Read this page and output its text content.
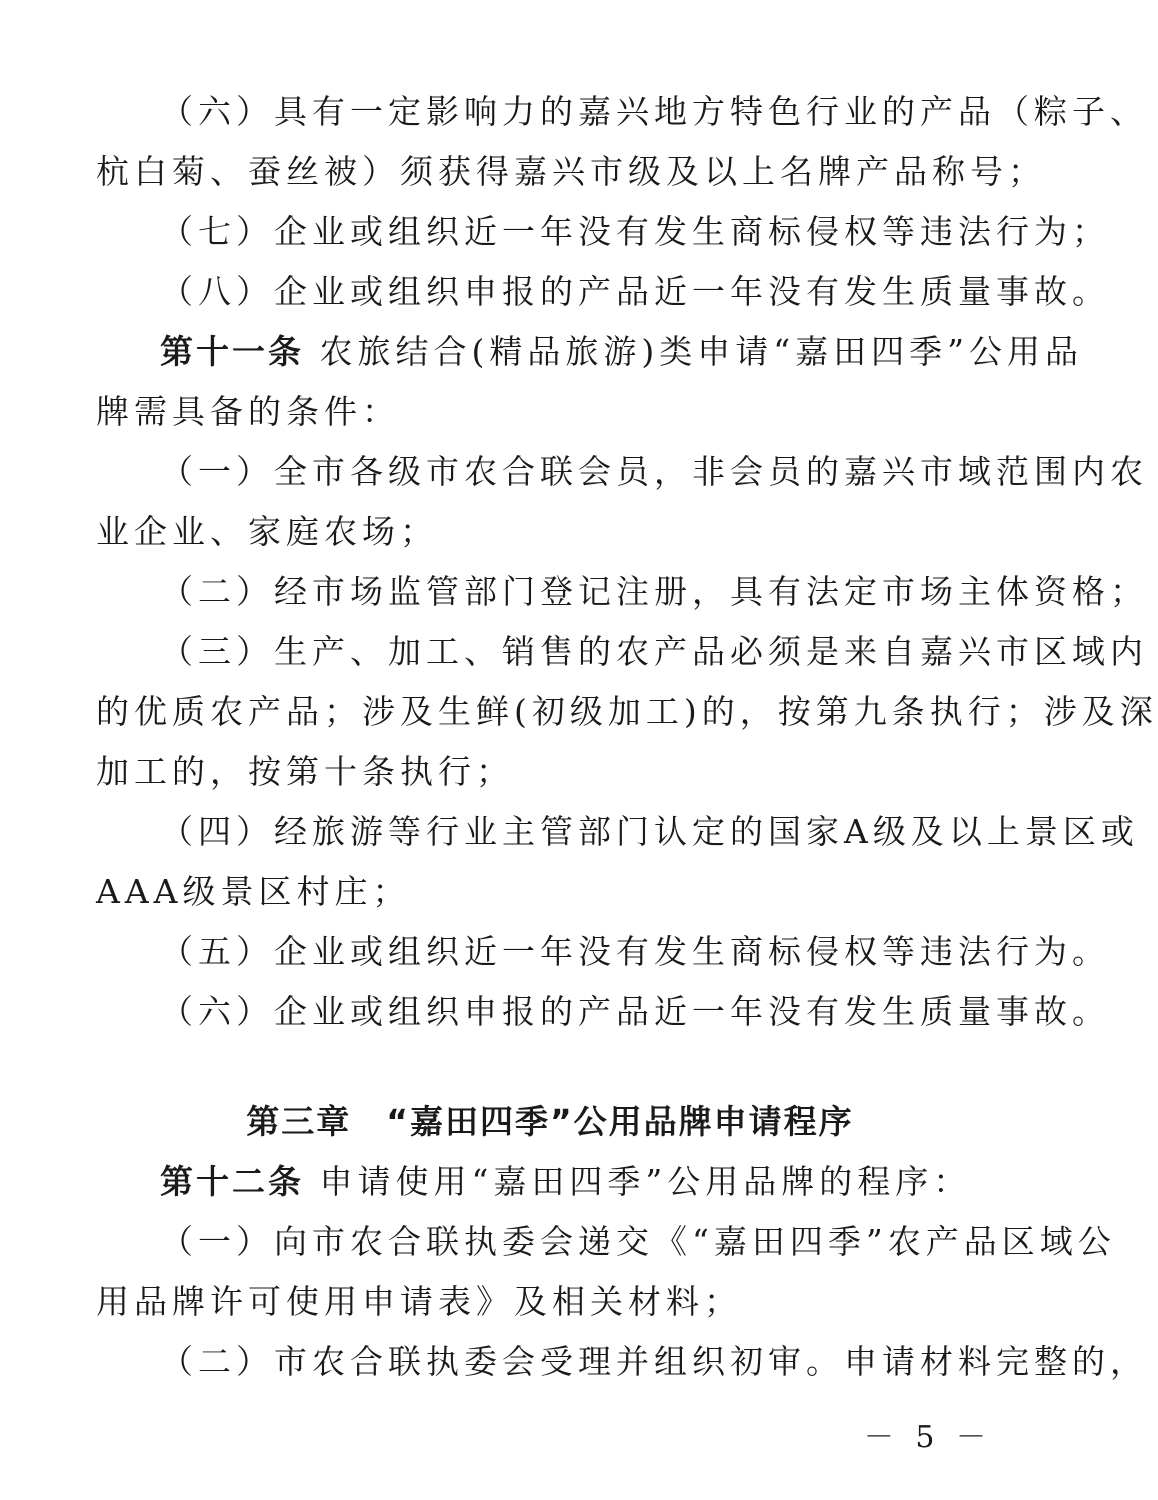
（六）具有一定影响力的嘉兴地方特色行业的产品（粽子、
杭白菊、蚕丝被）须获得嘉兴市级及以上名牌产品称号；
（七）企业或组织近一年没有发生商标侵权等违法行为；
（八）企业或组织申报的产品近一年没有发生质量事故。
第十一条 农旅结合(精品旅游)类申请“嘉田四季”公用品
牌需具备的条件：
（一）全市各级市农合联会员，非会员的嘉兴市域范围内农
业企业、家庭农场；
（二）经市场监管部门登记注册，具有法定市场主体资格；
（三）生产、加工、销售的农产品必须是来自嘉兴市区域内
的优质农产品；涉及生鲜(初级加工)的，按第九条执行；涉及深
加工的，按第十条执行；
（四）经旅游等行业主管部门认定的国家A级及以上景区或
AAA级景区村庄；
（五）企业或组织近一年没有发生商标侵权等违法行为。
（六）企业或组织申报的产品近一年没有发生质量事故。
第三章　“嘉田四季”公用品牌申请程序
第十二条 申请使用“嘉田四季”公用品牌的程序：
（一）向市农合联执委会递交《“嘉田四季”农产品区域公
用品牌许可使用申请表》及相关材料；
（二）市农合联执委会受理并组织初审。申请材料完整的，
－ 5 －
